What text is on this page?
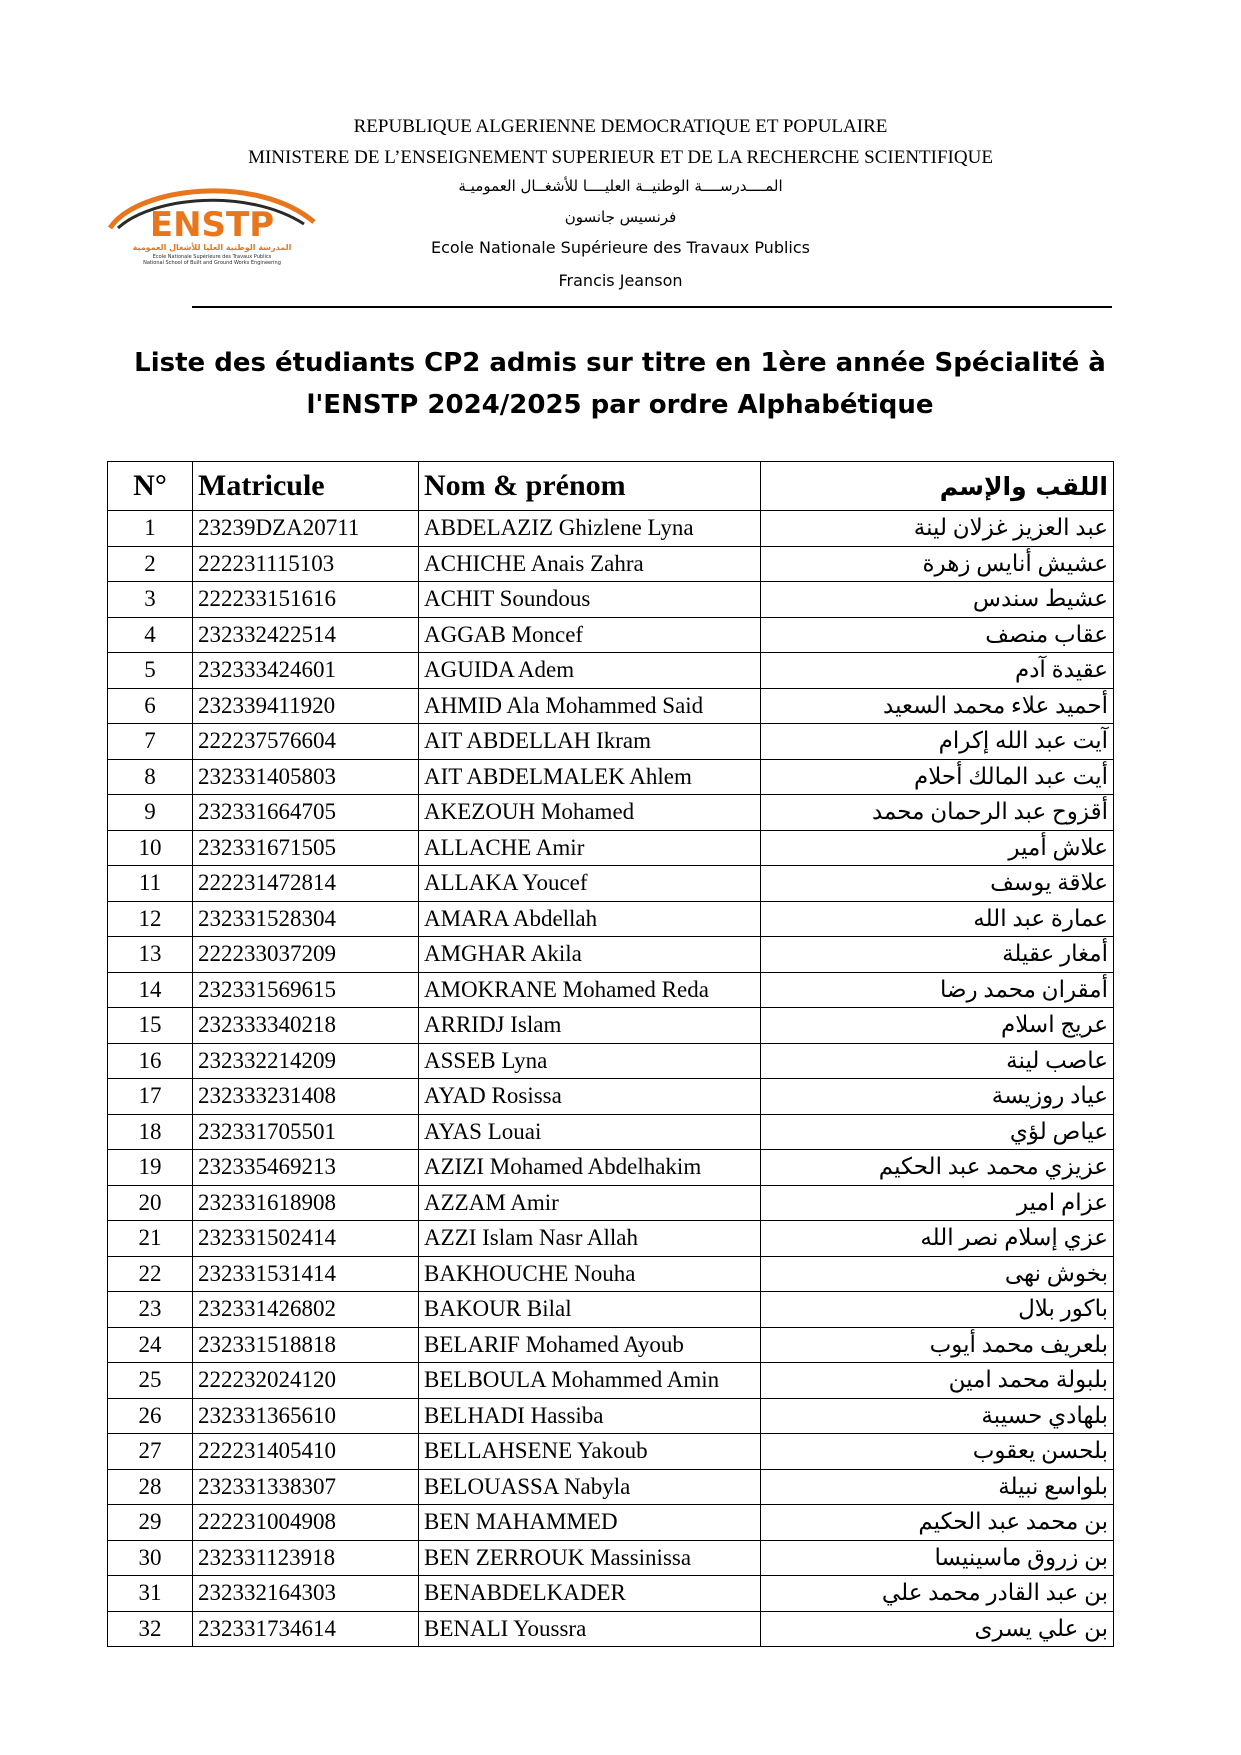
REPUBLIQUE ALGERIENNE DEMOCRATIQUE ET POPULAIRE
MINISTERE DE L’ENSEIGNEMENT SUPERIEUR ET DE LA RECHERCHE SCIENTIFIQUE
المــــدرســــة الوطنيــة العليــــا للأشغــال العموميـة
فرنسيس جانسون
Ecole Nationale Supérieure des Travaux Publics
Francis Jeanson
ENSTP
المدرسة الوطنية العليا للأشغال العمومية
Ecole Nationale Supérieure des Travaux Publics
National School of Built and Ground Works Engineering
Liste des étudiants CP2 admis sur titre en 1ère année Spécialité à
l'ENSTP 2024/2025 par ordre Alphabétique
N°	Matricule	Nom & prénom	اللقب والإسم
1	23239DZA20711	ABDELAZIZ Ghizlene Lyna	عبد العزيز غزلان لينة
2	222231115103	ACHICHE Anais Zahra	عشيش أنايس زهرة
3	222233151616	ACHIT Soundous	عشيط سندس
4	232332422514	AGGAB Moncef	عقاب منصف
5	232333424601	AGUIDA Adem	عقيدة آدم
6	232339411920	AHMID Ala Mohammed Said	أحميد علاء محمد السعيد
7	222237576604	AIT ABDELLAH Ikram	آيت عبد الله إكرام
8	232331405803	AIT ABDELMALEK Ahlem	أيت عبد المالك أحلام
9	232331664705	AKEZOUH Mohamed	أقزوح عبد الرحمان محمد
10	232331671505	ALLACHE Amir	علاش أمير
11	222231472814	ALLAKA Youcef	علاقة يوسف
12	232331528304	AMARA Abdellah	عمارة عبد الله
13	222233037209	AMGHAR Akila	أمغار عقيلة
14	232331569615	AMOKRANE Mohamed Reda	أمقران محمد رضا
15	232333340218	ARRIDJ Islam	عريج اسلام
16	232332214209	ASSEB Lyna	عاصب لينة
17	232333231408	AYAD Rosissa	عياد روزيسة
18	232331705501	AYAS Louai	عياص لؤي
19	232335469213	AZIZI Mohamed Abdelhakim	عزيزي محمد عبد الحكيم
20	232331618908	AZZAM Amir	عزام امير
21	232331502414	AZZI Islam Nasr Allah	عزي إسلام نصر الله
22	232331531414	BAKHOUCHE Nouha	بخوش نهى
23	232331426802	BAKOUR Bilal	باكور بلال
24	232331518818	BELARIF Mohamed Ayoub	بلعريف محمد أيوب
25	222232024120	BELBOULA Mohammed Amin	بلبولة محمد امين
26	232331365610	BELHADI Hassiba	بلهادي حسيبة
27	222231405410	BELLAHSENE Yakoub	بلحسن يعقوب
28	232331338307	BELOUASSA Nabyla	بلواسع نبيلة
29	222231004908	BEN MAHAMMED	بن محمد عبد الحكيم
30	232331123918	BEN ZERROUK Massinissa	بن زروق ماسينيسا
31	232332164303	BENABDELKADER	بن عبد القادر محمد علي
32	232331734614	BENALI Youssra	بن علي يسرى
